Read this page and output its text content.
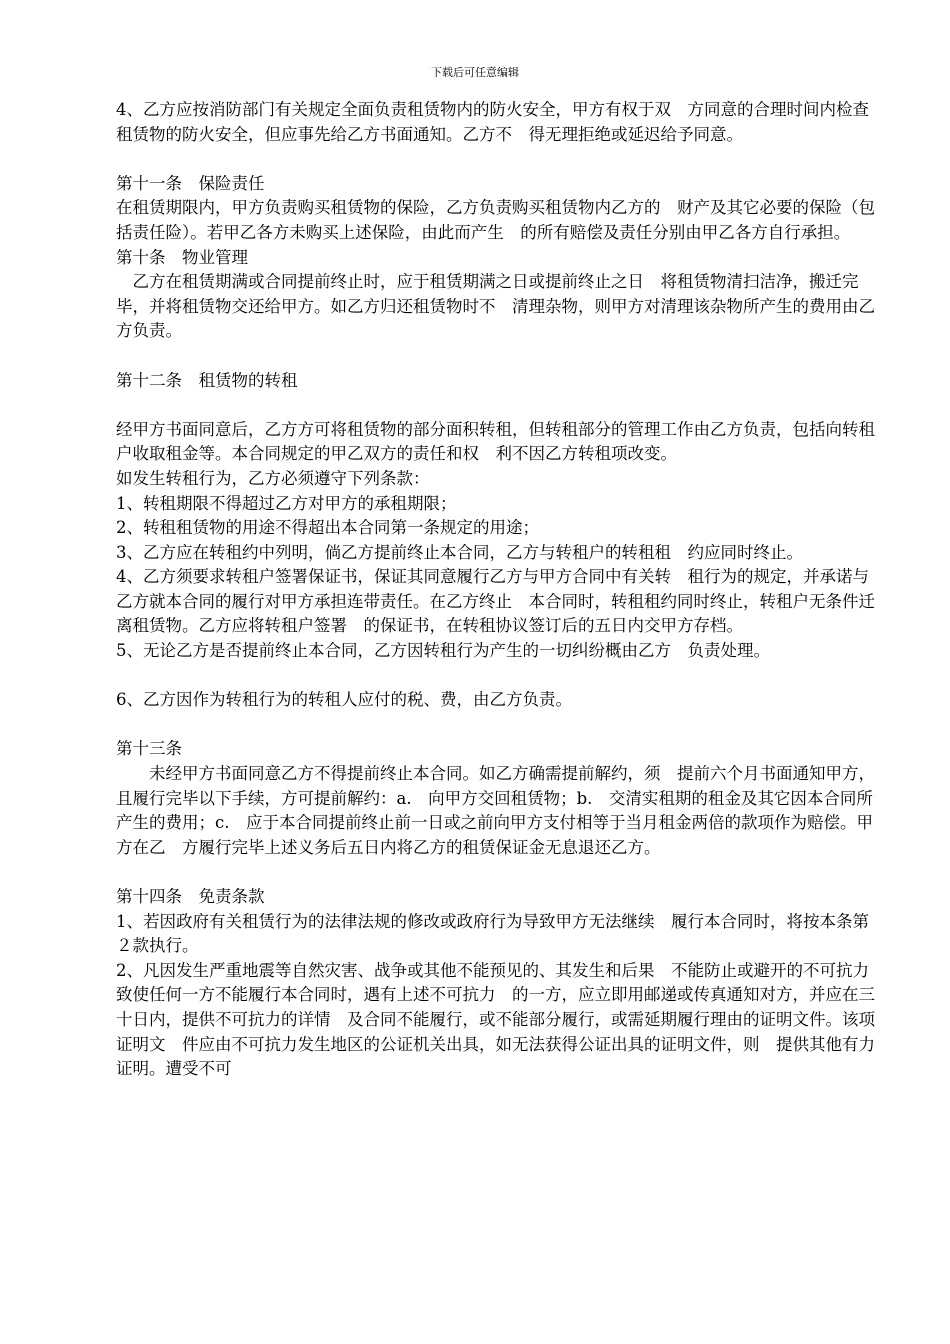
下载后可任意编辑

4、乙方应按消防部门有关规定全面负责租赁物内的防火安全，甲方有权于双　方同意的合理时间内检查租赁物的防火安全，但应事先给乙方书面通知。乙方不　得无理拒绝或延迟给予同意。

第十一条　保险责任

在租赁期限内，甲方负责购买租赁物的保险，乙方负责购买租赁物内乙方的　财产及其它必要的保险（包括责任险）。若甲乙各方未购买上述保险，由此而产生　的所有赔偿及责任分别由甲乙各方自行承担。

第十条　物业管理

　乙方在租赁期满或合同提前终止时，应于租赁期满之日或提前终止之日　将租赁物清扫洁净，搬迁完毕，并将租赁物交还给甲方。如乙方归还租赁物时不　清理杂物，则甲方对清理该杂物所产生的费用由乙方负责。

第十二条　租赁物的转租

经甲方书面同意后，乙方方可将租赁物的部分面积转租，但转租部分的管理工作由乙方负责，包括向转租户收取租金等。本合同规定的甲乙双方的责任和权　利不因乙方转租项改变。

如发生转租行为，乙方必须遵守下列条款：

1、转租期限不得超过乙方对甲方的承租期限；

2、转租租赁物的用途不得超出本合同第一条规定的用途；

3、乙方应在转租约中列明，倘乙方提前终止本合同，乙方与转租户的转租租　约应同时终止。

4、乙方须要求转租户签署保证书，保证其同意履行乙方与甲方合同中有关转　租行为的规定，并承诺与乙方就本合同的履行对甲方承担连带责任。在乙方终止　本合同时，转租租约同时终止，转租户无条件迁离租赁物。乙方应将转租户签署　的保证书，在转租协议签订后的五日内交甲方存档。

5、无论乙方是否提前终止本合同，乙方因转租行为产生的一切纠纷概由乙方　负责处理。

6、乙方因作为转租行为的转租人应付的税、费，由乙方负责。

第十三条

　　未经甲方书面同意乙方不得提前终止本合同。如乙方确需提前解约，须　提前六个月书面通知甲方，且履行完毕以下手续，方可提前解约：a.　向甲方交回租赁物；b.　交清实租期的租金及其它因本合同所产生的费用；c.　应于本合同提前终止前一日或之前向甲方支付相等于当月租金两倍的款项作为赔偿。甲方在乙　方履行完毕上述义务后五日内将乙方的租赁保证金无息退还乙方。

第十四条　免责条款

1、若因政府有关租赁行为的法律法规的修改或政府行为导致甲方无法继续　履行本合同时，将按本条第２款执行。

2、凡因发生严重地震等自然灾害、战争或其他不能预见的、其发生和后果　不能防止或避开的不可抗力致使任何一方不能履行本合同时，遇有上述不可抗力　的一方，应立即用邮递或传真通知对方，并应在三十日内，提供不可抗力的详情　及合同不能履行，或不能部分履行，或需延期履行理由的证明文件。该项证明文　件应由不可抗力发生地区的公证机关出具，如无法获得公证出具的证明文件，则　提供其他有力证明。遭受不可
